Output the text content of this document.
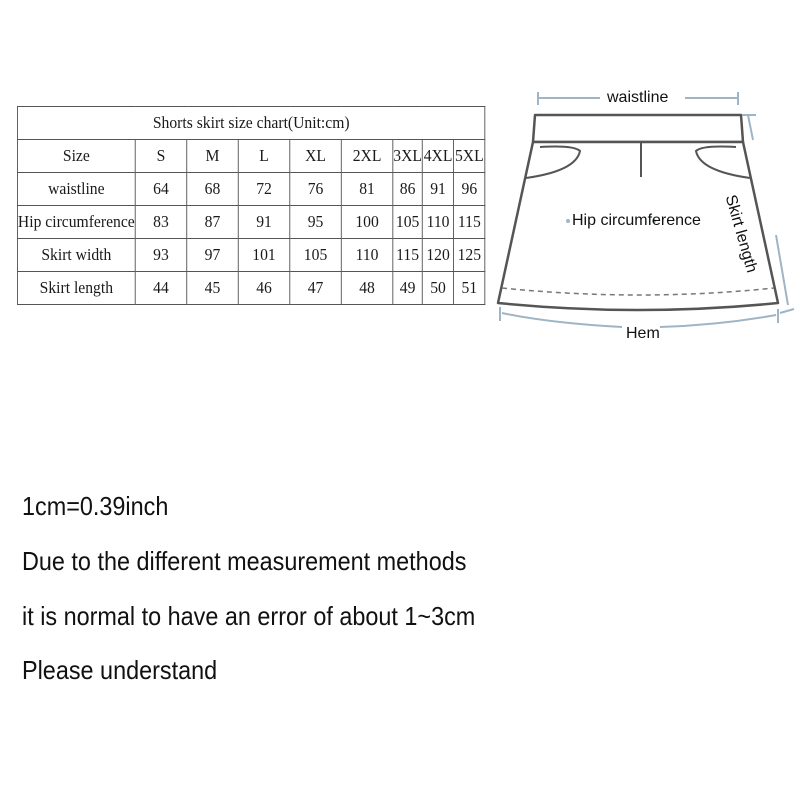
Shorts skirt size chart(Unit:cm)								
Size	S	M	L	XL	2XL	3XL	4XL	5XL
waistline	64	68	72	76	81	86	91	96
Hip circumference	83	87	91	95	100	105	110	115
Skirt width	93	97	101	105	110	115	120	125
Skirt length	44	45	46	47	48	49	50	51
waistline
Hip circumference Skirt length
Hem
1cm=0.39inch
Due to the different measurement methods
it is normal to have an error of about 1~3cm
Please understand
